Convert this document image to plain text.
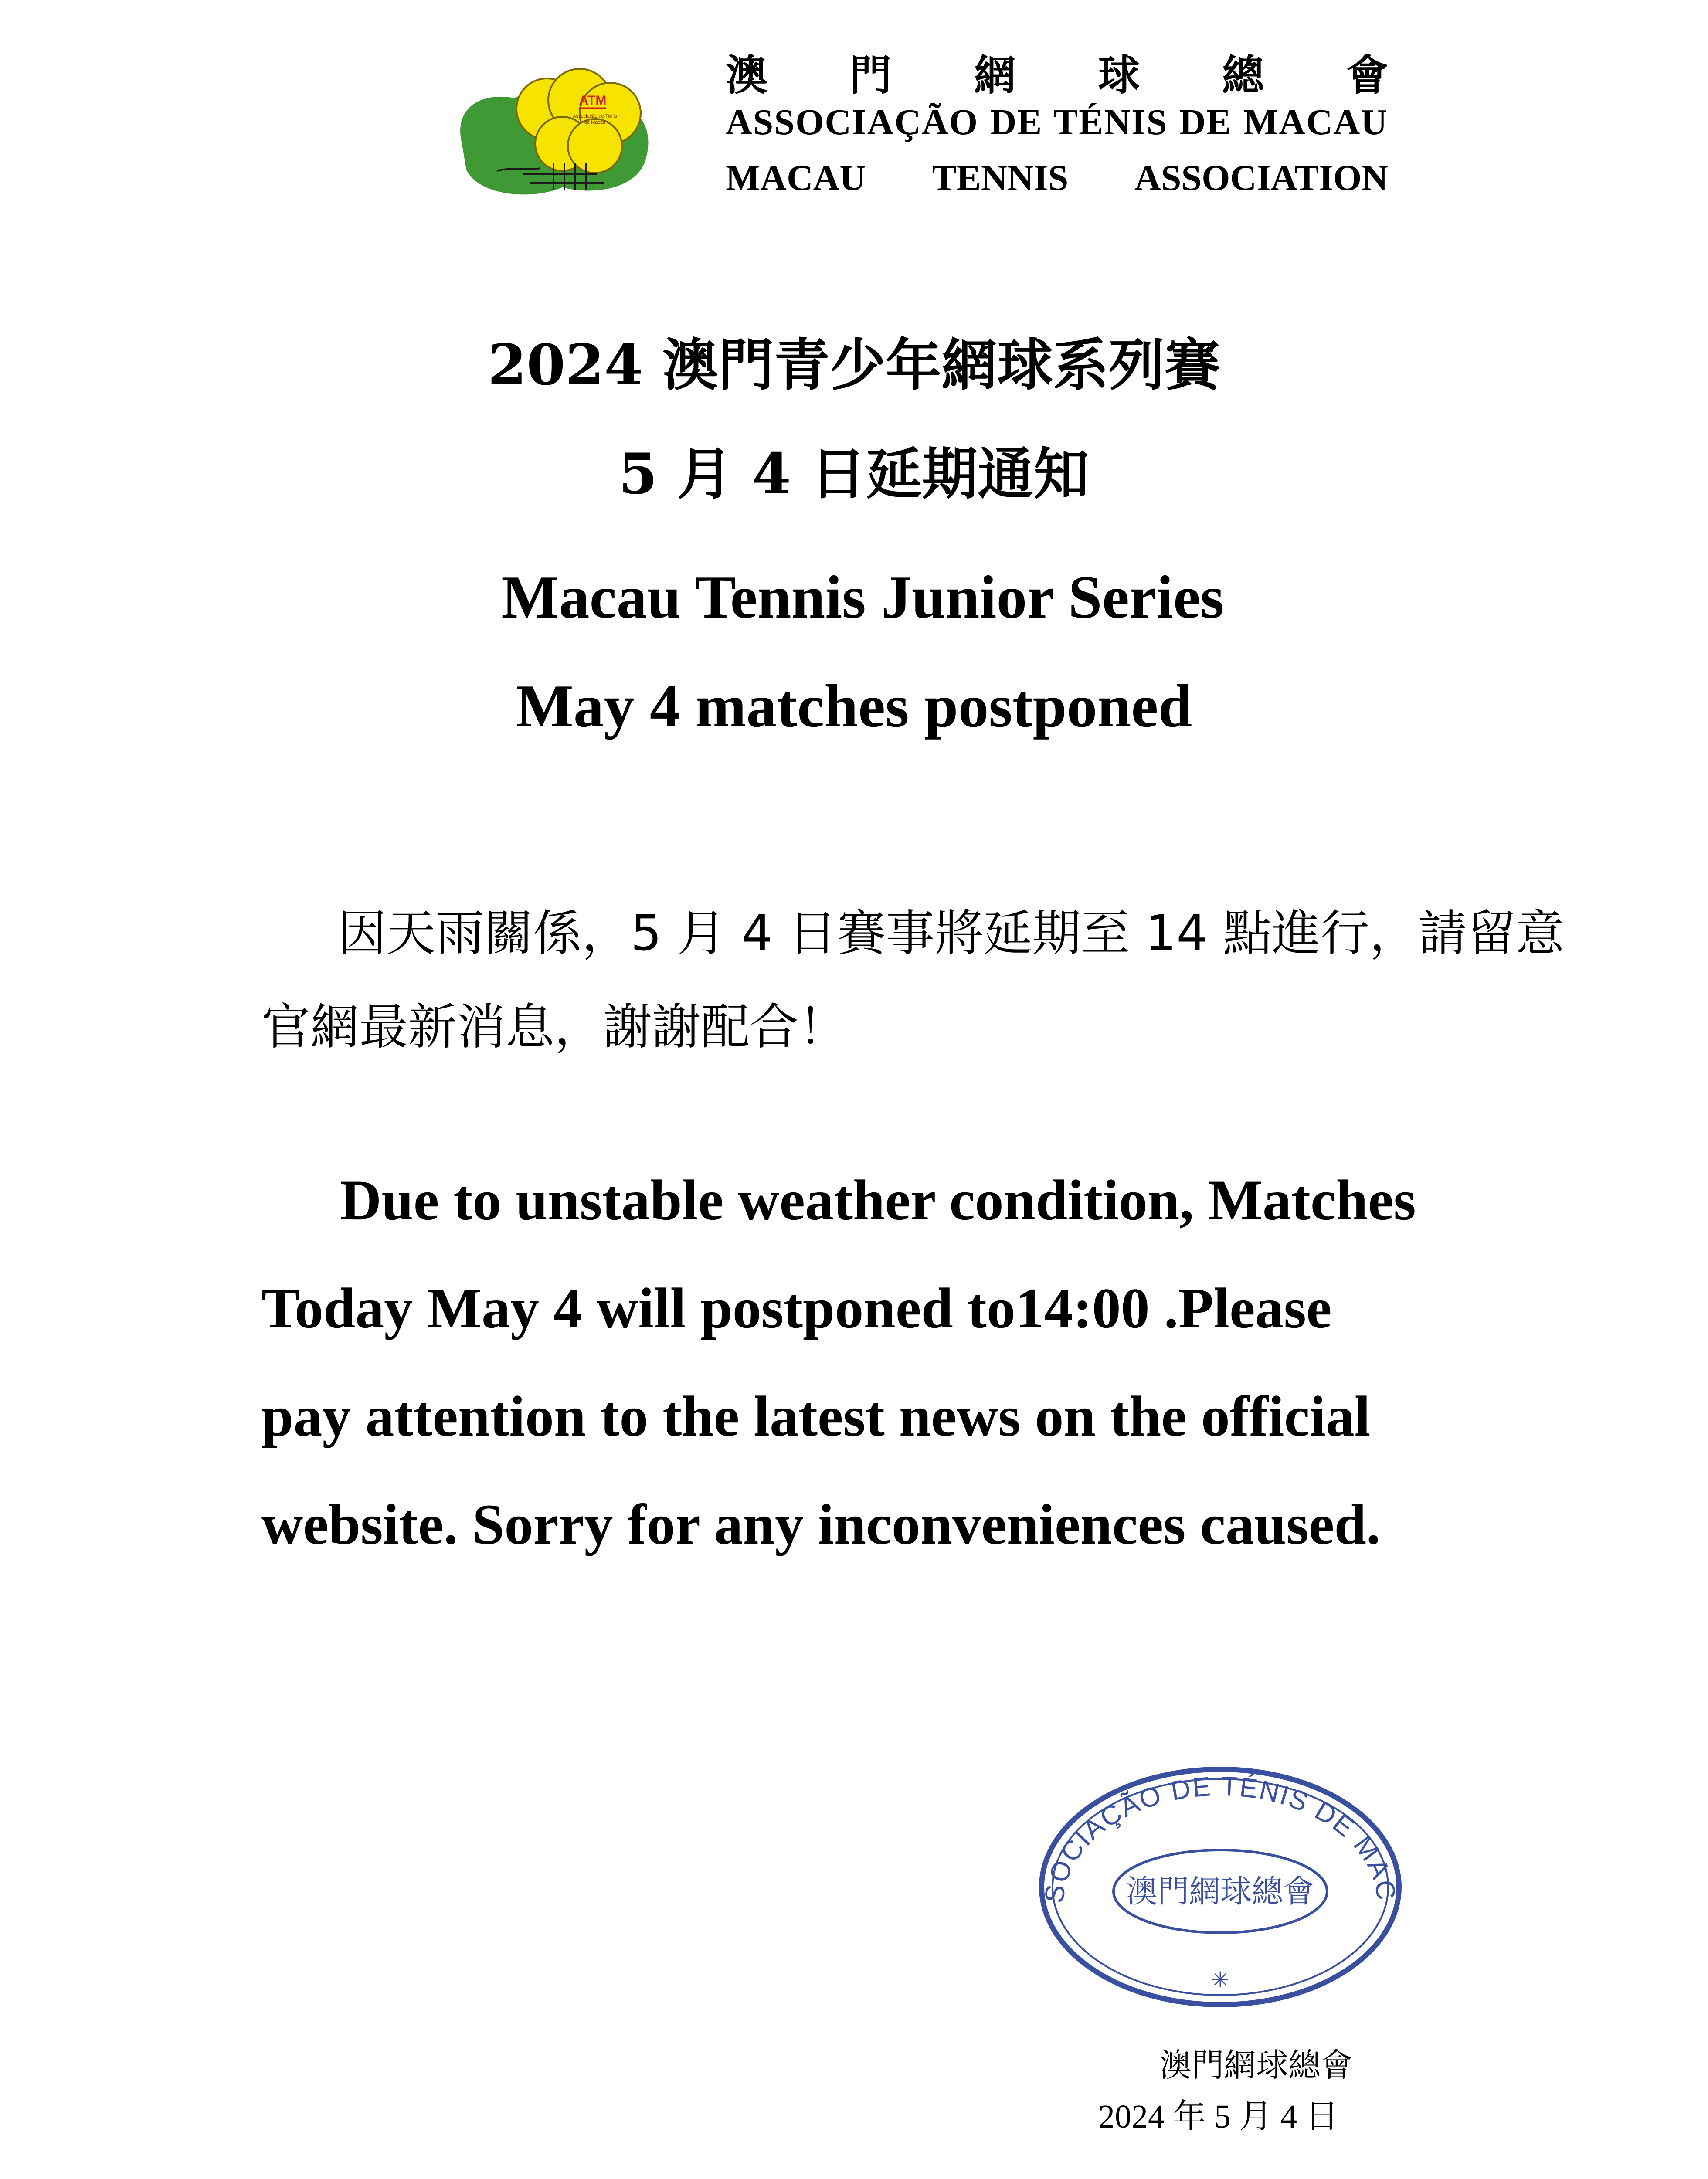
ATM
Associação de Ténis
de Macau
澳 門 網 球 總 會
ASSOCIAÇÃO DE TÉNIS DE MACAU
MACAU TENNIS ASSOCIATION
2024 澳門青少年網球系列賽
5 月 4 日延期通知
Macau Tennis Junior Series
May 4 matches postponed
因天雨關係，5 月 4 日賽事將延期至 14 點進行，請留意官網最新消息，謝謝配合！
Due to unstable weather condition, Matches
Today May 4 will postponed to14:00 .Please
pay attention to the latest news on the official
website. Sorry for any inconveniences caused.
SOCIAÇÃO DE TÉNIS DE MAC
澳門網球總會
✳
澳門網球總會
2024 年 5 月 4 日
